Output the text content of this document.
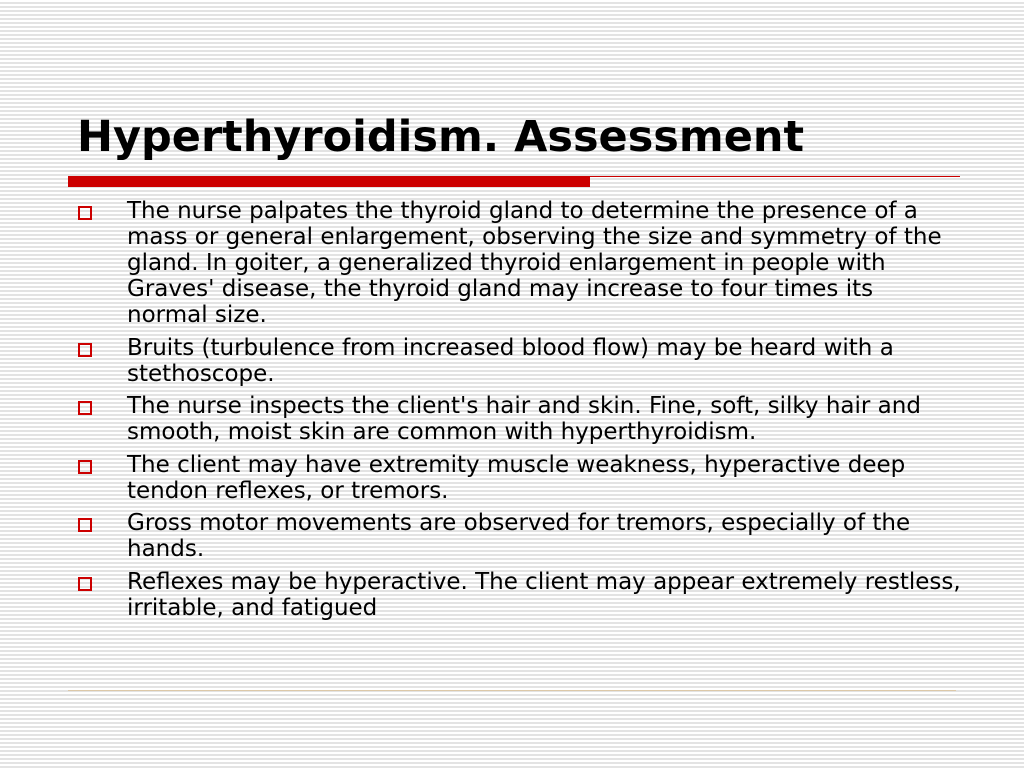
Hyperthyroidism. Assessment
The nurse palpates the thyroid gland to determine the presence of a mass or general enlargement, observing the size and symmetry of the gland. In goiter, a generalized thyroid enlargement in people with Graves' disease, the thyroid gland may increase to four times its normal size.
Bruits (turbulence from increased blood flow) may be heard with a stethoscope.
The nurse inspects the client's hair and skin. Fine, soft, silky hair and smooth, moist skin are common with hyperthyroidism.
The client may have extremity muscle weakness, hyperactive deep tendon reflexes, or tremors.
Gross motor movements are observed for tremors, especially of the hands.
Reflexes may be hyperactive. The client may appear extremely restless, irritable, and fatigued
